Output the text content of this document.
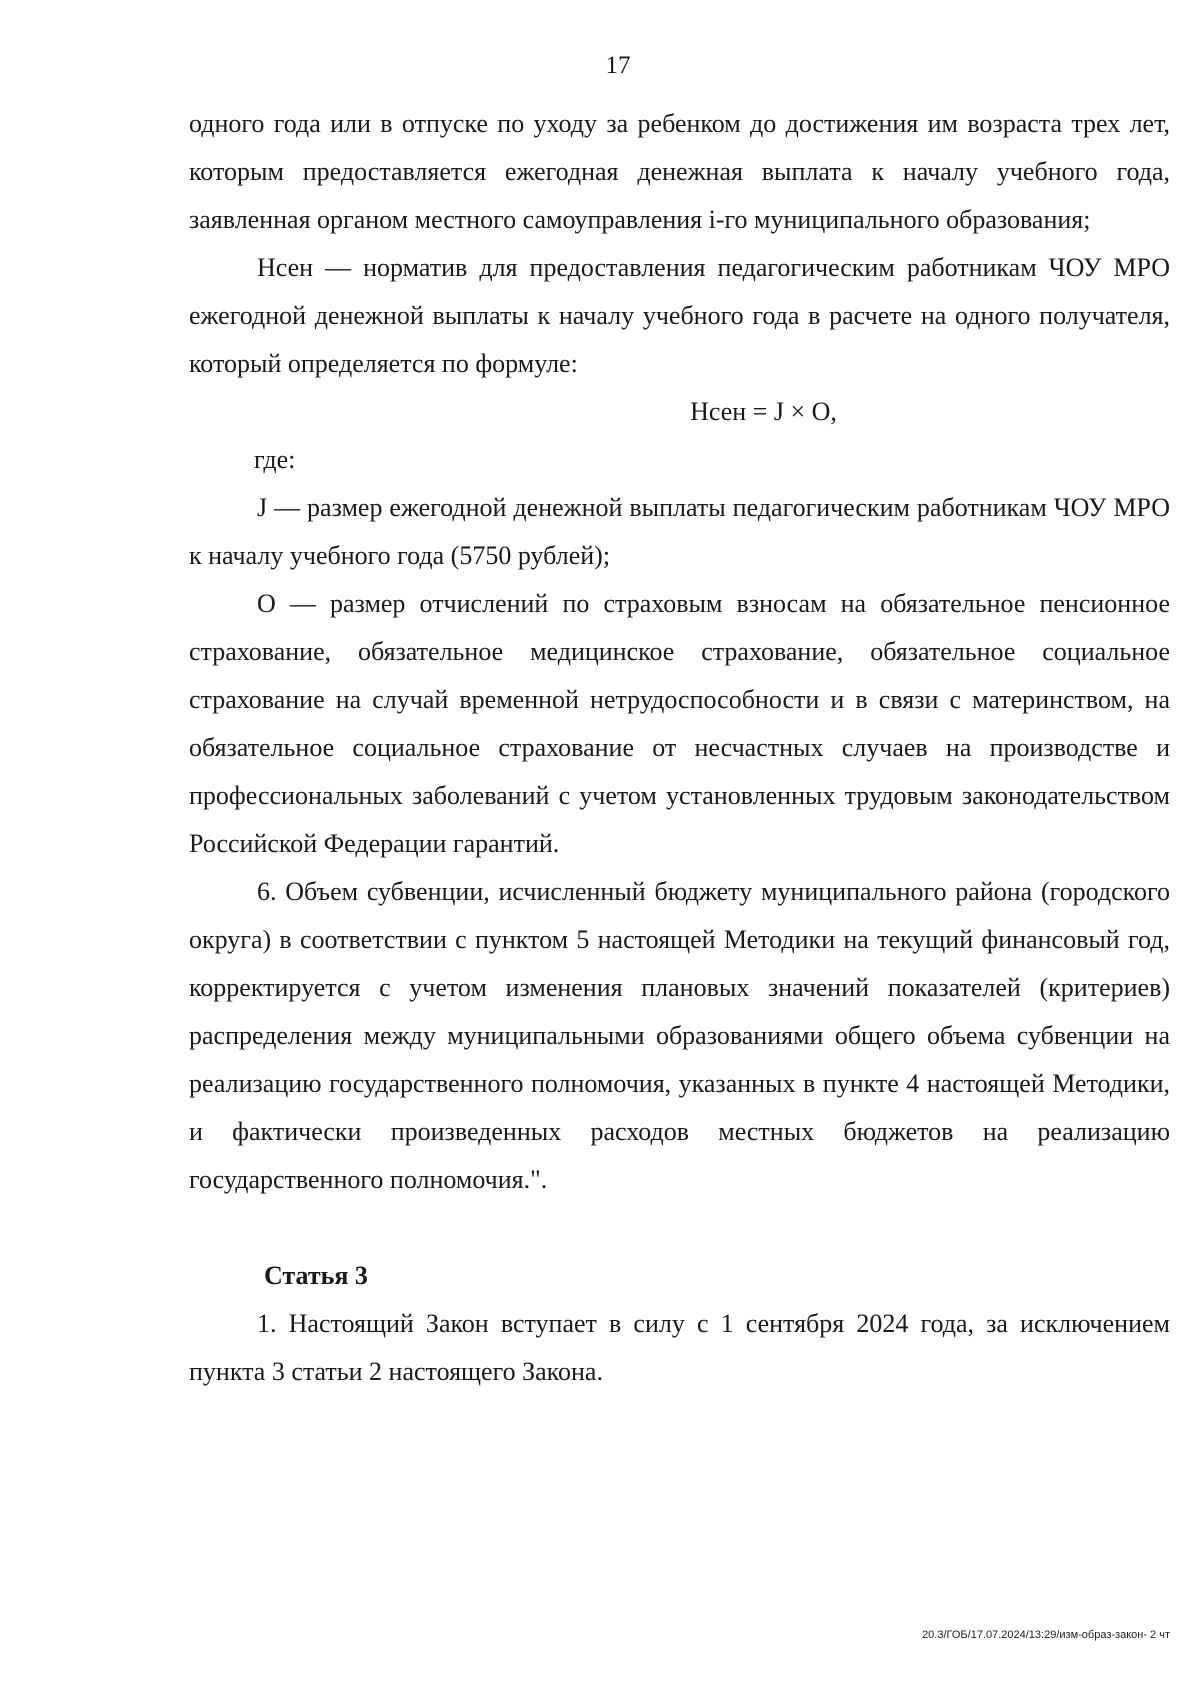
17

одного года или в отпуске по уходу за ребенком до достижения им возраста трех лет, которым предоставляется ежегодная денежная выплата к началу учебного года, заявленная органом местного самоуправления i-го муниципального образования;

Нсен — норматив для предоставления педагогическим работникам ЧОУ МРО ежегодной денежной выплаты к началу учебного года в расчете на одного получателя, который определяется по формуле:

Нсен = J × О,

где:

J — размер ежегодной денежной выплаты педагогическим работникам ЧОУ МРО к началу учебного года (5750 рублей);

О — размер отчислений по страховым взносам на обязательное пенсионное страхование, обязательное медицинское страхование, обязательное социальное страхование на случай временной нетрудоспособности и в связи с материнством, на обязательное социальное страхование от несчастных случаев на производстве и профессиональных заболеваний с учетом установленных трудовым законодательством Российской Федерации гарантий.

6. Объем субвенции, исчисленный бюджету муниципального района (городского округа) в соответствии с пунктом 5 настоящей Методики на текущий финансовый год, корректируется с учетом изменения плановых значений показателей (критериев) распределения между муниципальными образованиями общего объема субвенции на реализацию государственного полномочия, указанных в пункте 4 настоящей Методики, и фактически произведенных расходов местных бюджетов на реализацию государственного полномочия.".

Статья 3

1. Настоящий Закон вступает в силу с 1 сентября 2024 года, за исключением пункта 3 статьи 2 настоящего Закона.

20.3/ГОБ/17.07.2024/13:29/изм-образ-закон- 2 чт
